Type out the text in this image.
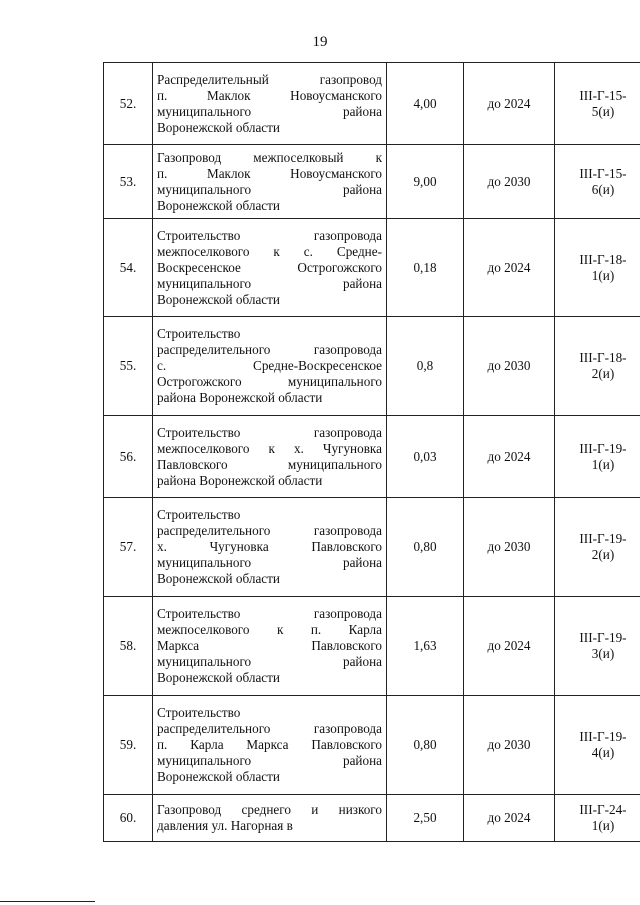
19
52.	Распределительный газопровод
п. Маклок Новоусманского
муниципального района
Воронежской области	4,00	до 2024	III-Г-15-
5(и)

53.	Газопровод межпоселковый к
п. Маклок Новоусманского
муниципального района
Воронежской области	9,00	до 2030	III-Г-15-
6(и)

54.	Строительство газопровода
межпоселкового к с. Средне-
Воскресенское Острогожского
муниципального района
Воронежской области	0,18	до 2024	III-Г-18-
1(и)

55.	Строительство
распределительного газопровода
с. Средне-Воскресенское
Острогожского муниципального
района Воронежской области	0,8	до 2030	III-Г-18-
2(и)

56.	Строительство газопровода
межпоселкового к х. Чугуновка
Павловского муниципального
района Воронежской области	0,03	до 2024	III-Г-19-
1(и)

57.	Строительство
распределительного газопровода
х. Чугуновка Павловского
муниципального района
Воронежской области	0,80	до 2030	III-Г-19-
2(и)

58.	Строительство газопровода
межпоселкового к п. Карла
Маркса Павловского
муниципального района
Воронежской области	1,63	до 2024	III-Г-19-
3(и)

59.	Строительство
распределительного газопровода
п. Карла Маркса Павловского
муниципального района
Воронежской области	0,80	до 2030	III-Г-19-
4(и)

60.	Газопровод среднего и низкого
давления ул. Нагорная в	2,50	до 2024	III-Г-24-
1(и)
